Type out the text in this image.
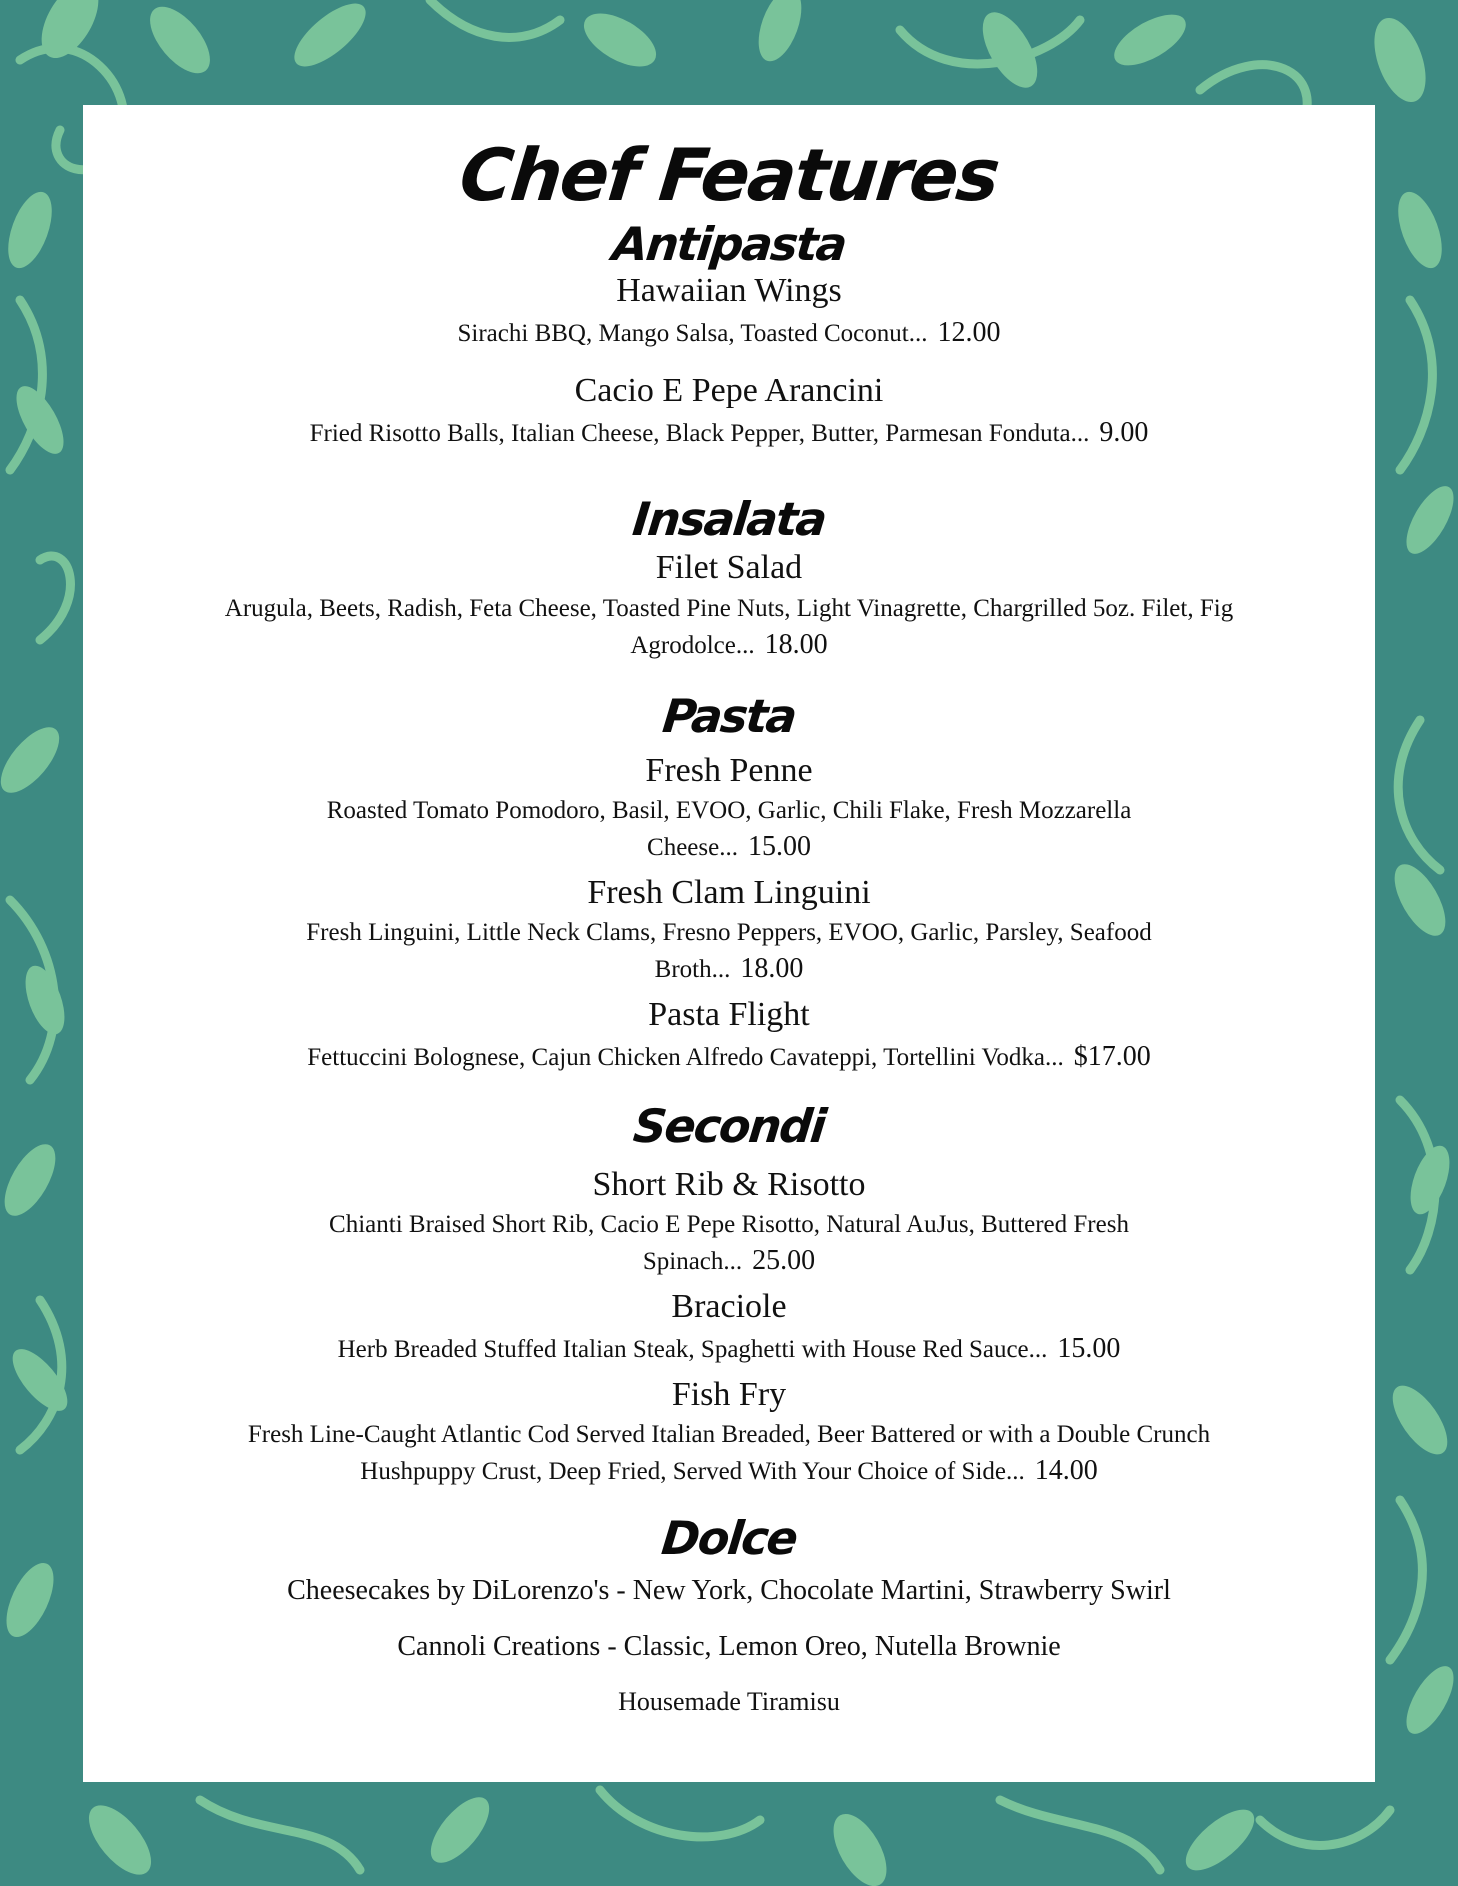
Chef Features
Antipasta

Hawaiian Wings

Sirachi BBQ, Mango Salsa, Toasted Coconut... 12.00

Cacio E Pepe Arancini

Fried Risotto Balls, Italian Cheese, Black Pepper, Butter, Parmesan Fonduta... 9.00

Insalata

Filet Salad

Arugula, Beets, Radish, Feta Cheese, Toasted Pine Nuts, Light Vinagrette, Chargrilled 5oz. Filet, Fig Agrodolce... 18.00

Pasta

Fresh Penne

Roasted Tomato Pomodoro, Basil, EVOO, Garlic, Chili Flake, Fresh Mozzarella Cheese... 15.00

Fresh Clam Linguini

Fresh Linguini, Little Neck Clams, Fresno Peppers, EVOO, Garlic, Parsley, Seafood Broth... 18.00

Pasta Flight

Fettuccini Bolognese, Cajun Chicken Alfredo Cavateppi, Tortellini Vodka... $17.00

Secondi

Short Rib & Risotto

Chianti Braised Short Rib, Cacio E Pepe Risotto, Natural AuJus, Buttered Fresh Spinach... 25.00

Braciole

Herb Breaded Stuffed Italian Steak, Spaghetti with House Red Sauce... 15.00

Fish Fry

Fresh Line-Caught Atlantic Cod Served Italian Breaded, Beer Battered or with a Double Crunch Hushpuppy Crust, Deep Fried, Served With Your Choice of Side... 14.00

Dolce

Cheesecakes by DiLorenzo's - New York, Chocolate Martini, Strawberry Swirl

Cannoli Creations - Classic, Lemon Oreo, Nutella Brownie

Housemade Tiramisu
